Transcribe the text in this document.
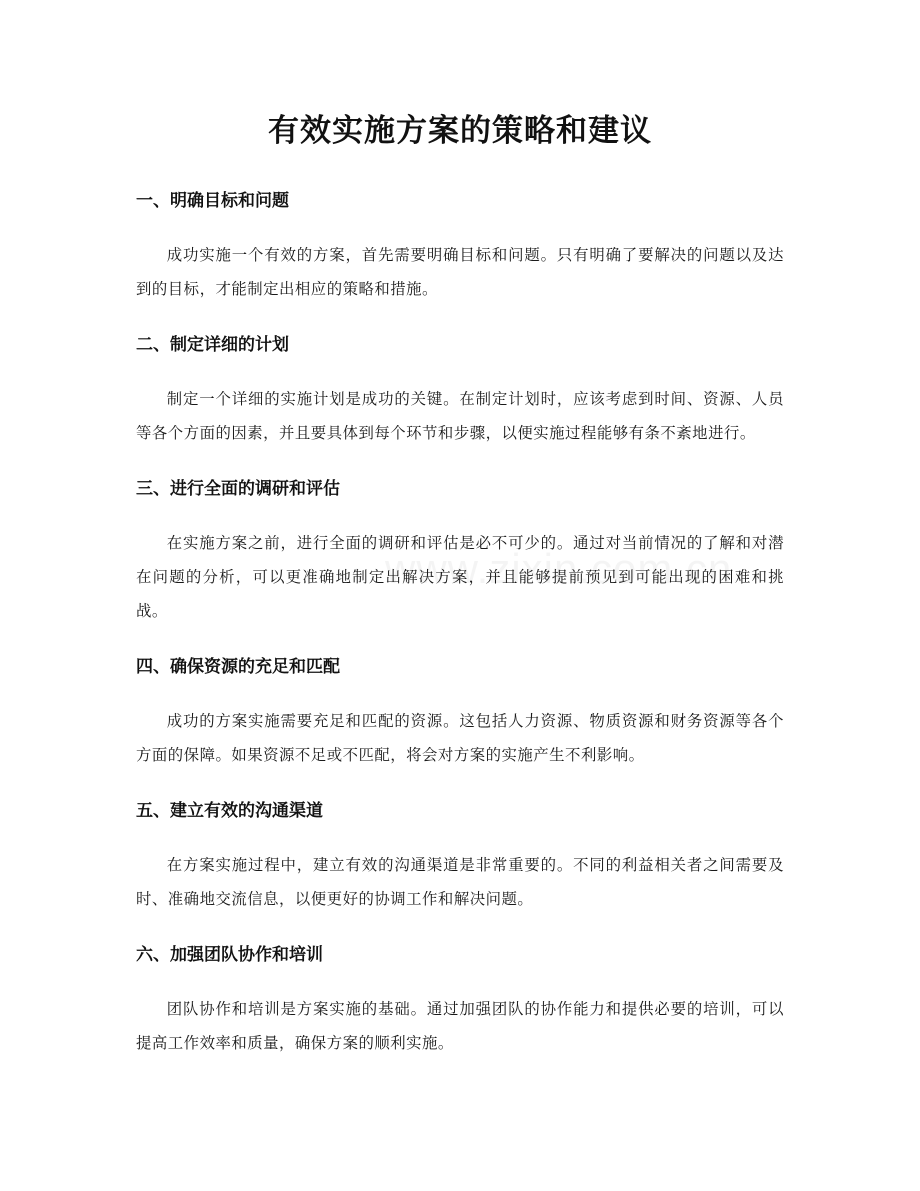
有效实施方案的策略和建议
一、明确目标和问题

成功实施一个有效的方案，首先需要明确目标和问题。只有明确了要解决的问题以及达到的目标，才能制定出相应的策略和措施。

二、制定详细的计划

制定一个详细的实施计划是成功的关键。在制定计划时，应该考虑到时间、资源、人员等各个方面的因素，并且要具体到每个环节和步骤，以便实施过程能够有条不紊地进行。

三、进行全面的调研和评估

在实施方案之前，进行全面的调研和评估是必不可少的。通过对当前情况的了解和对潜在问题的分析，可以更准确地制定出解决方案，并且能够提前预见到可能出现的困难和挑战。

四、确保资源的充足和匹配

成功的方案实施需要充足和匹配的资源。这包括人力资源、物质资源和财务资源等各个方面的保障。如果资源不足或不匹配，将会对方案的实施产生不利影响。

五、建立有效的沟通渠道

在方案实施过程中，建立有效的沟通渠道是非常重要的。不同的利益相关者之间需要及时、准确地交流信息，以便更好的协调工作和解决问题。

六、加强团队协作和培训

团队协作和培训是方案实施的基础。通过加强团队的协作能力和提供必要的培训，可以提高工作效率和质量，确保方案的顺利实施。
